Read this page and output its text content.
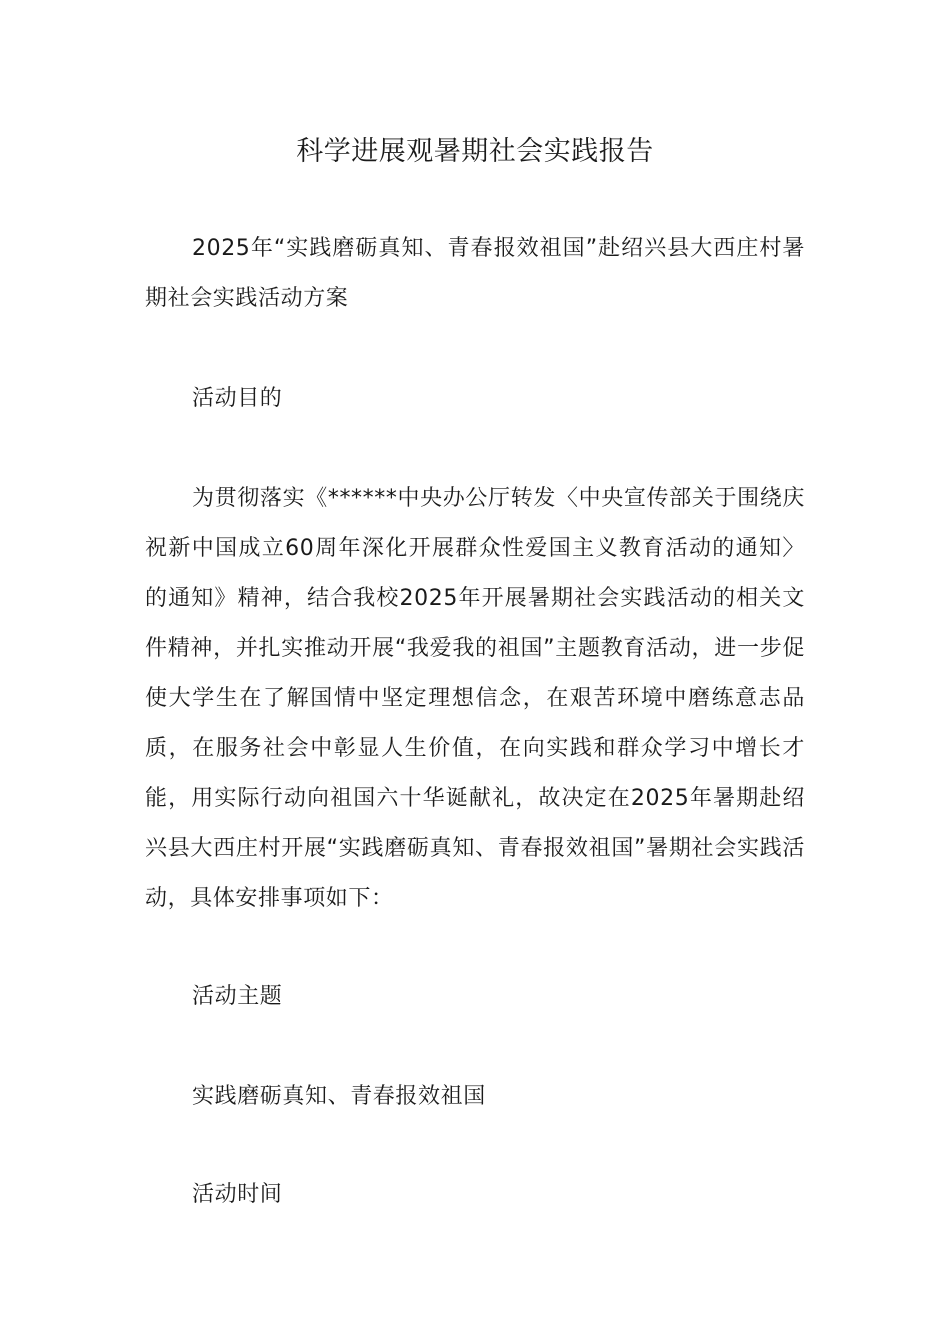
科学进展观暑期社会实践报告

2025年“实践磨砺真知、青春报效祖国”赴绍兴县大西庄村暑期社会实践活动方案

活动目的

为贯彻落实《******中央办公厅转发〈中央宣传部关于围绕庆祝新中国成立60周年深化开展群众性爱国主义教育活动的通知〉的通知》精神，结合我校2025年开展暑期社会实践活动的相关文件精神，并扎实推动开展“我爱我的祖国”主题教育活动，进一步促使大学生在了解国情中坚定理想信念，在艰苦环境中磨练意志品质，在服务社会中彰显人生价值，在向实践和群众学习中增长才能，用实际行动向祖国六十华诞献礼，故决定在2025年暑期赴绍兴县大西庄村开展“实践磨砺真知、青春报效祖国”暑期社会实践活动，具体安排事项如下：

活动主题

实践磨砺真知、青春报效祖国

活动时间
